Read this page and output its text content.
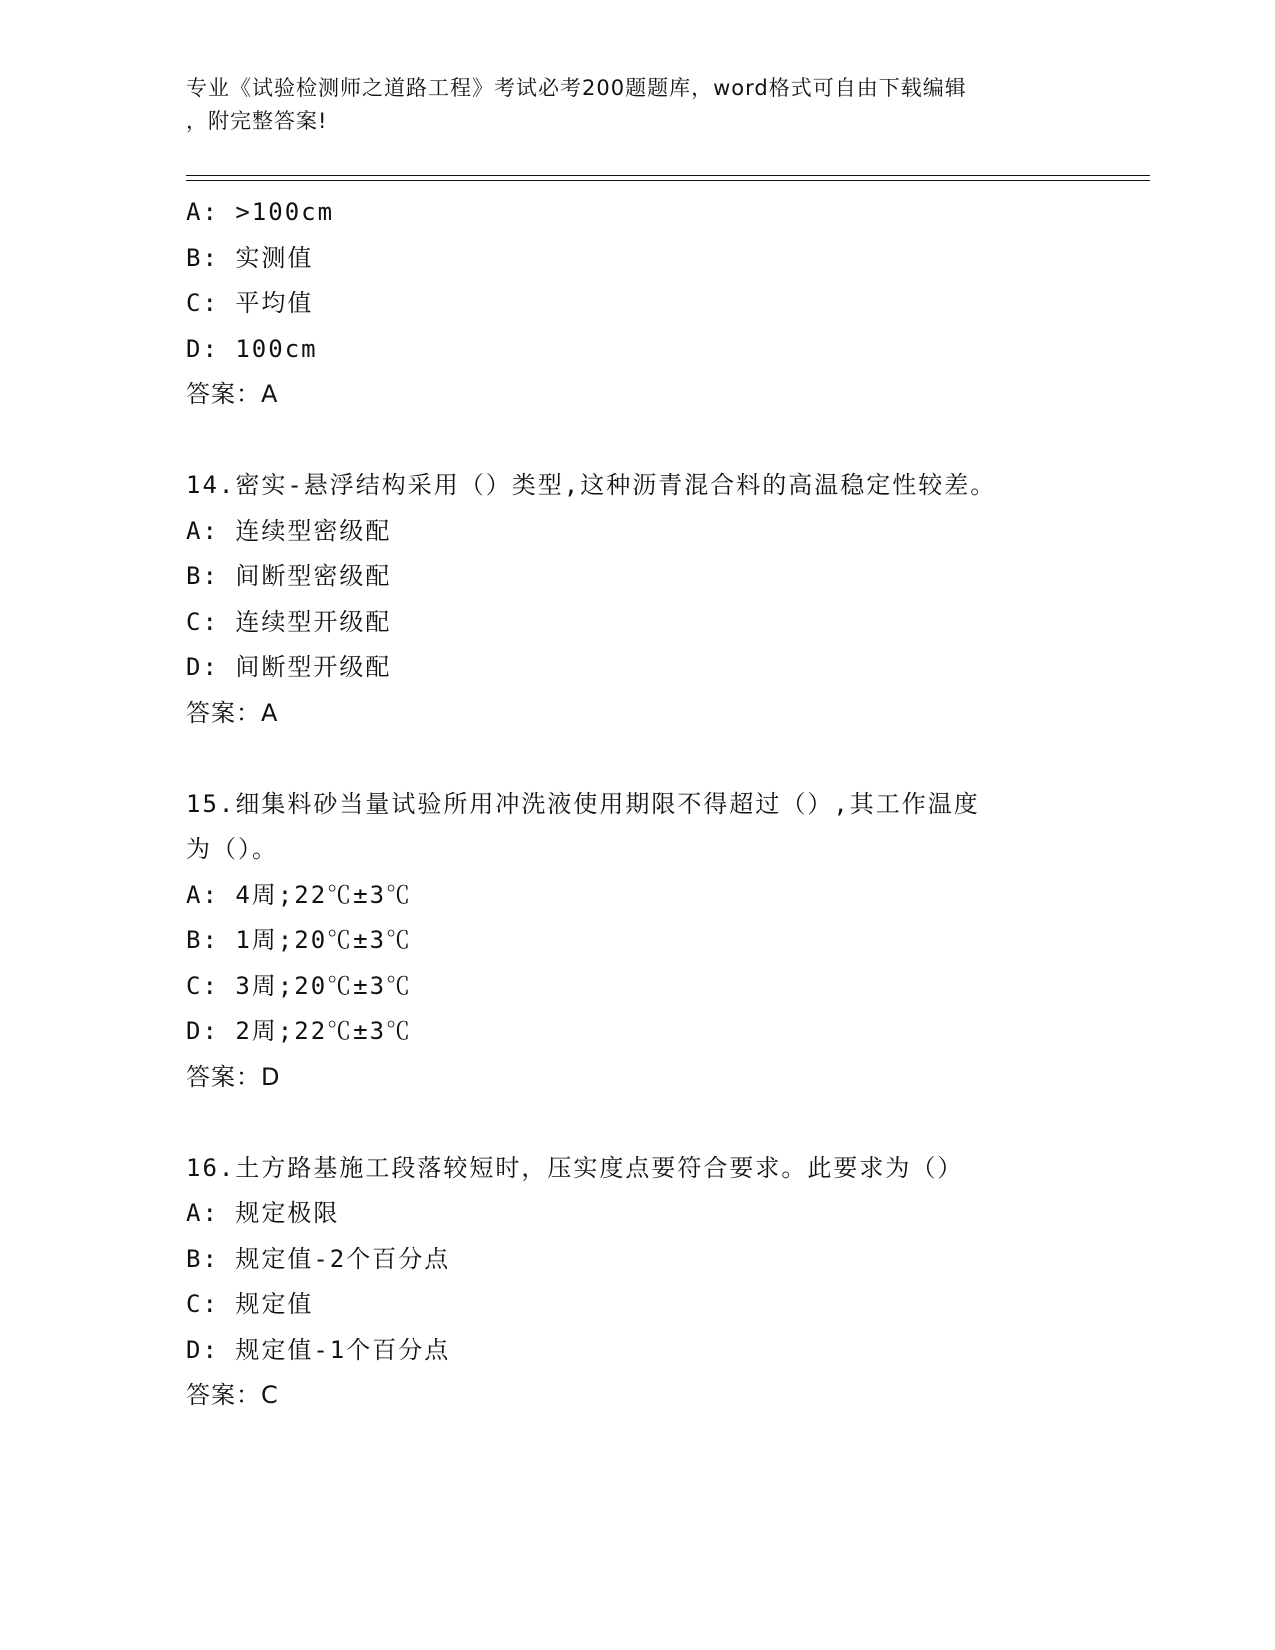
专业《试验检测师之道路工程》考试必考200题题库，word格式可自由下载编辑
，附完整答案!
A: >100cm
B: 实测值
C: 平均值
D: 100cm
答案：A
14.密实-悬浮结构采用（）类型,这种沥青混合料的高温稳定性较差。
A: 连续型密级配
B: 间断型密级配
C: 连续型开级配
D: 间断型开级配
答案：A
15.细集料砂当量试验所用冲洗液使用期限不得超过（）,其工作温度
为（）。
A: 4周;22℃±3℃
B: 1周;20℃±3℃
C: 3周;20℃±3℃
D: 2周;22℃±3℃
答案：D
16.土方路基施工段落较短时，压实度点要符合要求。此要求为（）
A: 规定极限
B: 规定值-2个百分点
C: 规定值
D: 规定值-1个百分点
答案：C
